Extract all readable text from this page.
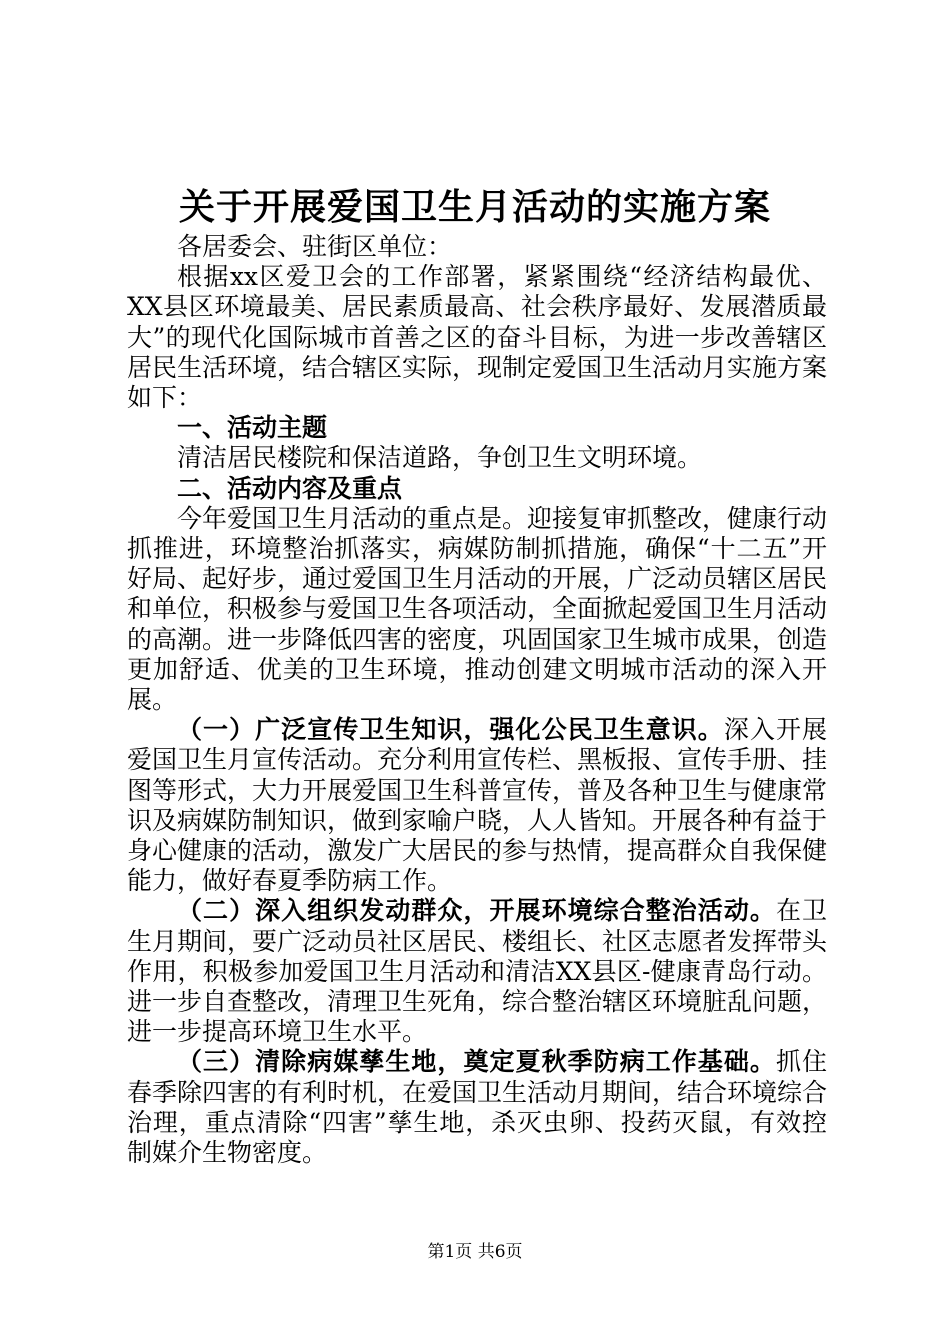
关于开展爱国卫生月活动的实施方案

各居委会、驻街区单位：

根据xx区爱卫会的工作部署，紧紧围绕“经济结构最优、XX县区环境最美、居民素质最高、社会秩序最好、发展潜质最大”的现代化国际城市首善之区的奋斗目标，为进一步改善辖区居民生活环境，结合辖区实际，现制定爱国卫生活动月实施方案如下：

一、活动主题

清洁居民楼院和保洁道路，争创卫生文明环境。

二、活动内容及重点

今年爱国卫生月活动的重点是。迎接复审抓整改，健康行动抓推进，环境整治抓落实，病媒防制抓措施，确保“十二五”开好局、起好步，通过爱国卫生月活动的开展，广泛动员辖区居民和单位，积极参与爱国卫生各项活动，全面掀起爱国卫生月活动的高潮。进一步降低四害的密度，巩固国家卫生城市成果，创造更加舒适、优美的卫生环境，推动创建文明城市活动的深入开展。

（一）广泛宣传卫生知识，强化公民卫生意识。深入开展爱国卫生月宣传活动。充分利用宣传栏、黑板报、宣传手册、挂图等形式，大力开展爱国卫生科普宣传，普及各种卫生与健康常识及病媒防制知识，做到家喻户晓，人人皆知。开展各种有益于身心健康的活动，激发广大居民的参与热情，提高群众自我保健能力，做好春夏季防病工作。

（二）深入组织发动群众，开展环境综合整治活动。在卫生月期间，要广泛动员社区居民、楼组长、社区志愿者发挥带头作用，积极参加爱国卫生月活动和清洁XX县区-健康青岛行动。进一步自查整改，清理卫生死角，综合整治辖区环境脏乱问题，进一步提高环境卫生水平。

（三）清除病媒孳生地，奠定夏秋季防病工作基础。抓住春季除四害的有利时机，在爱国卫生活动月期间，结合环境综合治理，重点清除“四害”孳生地，杀灭虫卵、投药灭鼠，有效控制媒介生物密度。

第1页 共6页
